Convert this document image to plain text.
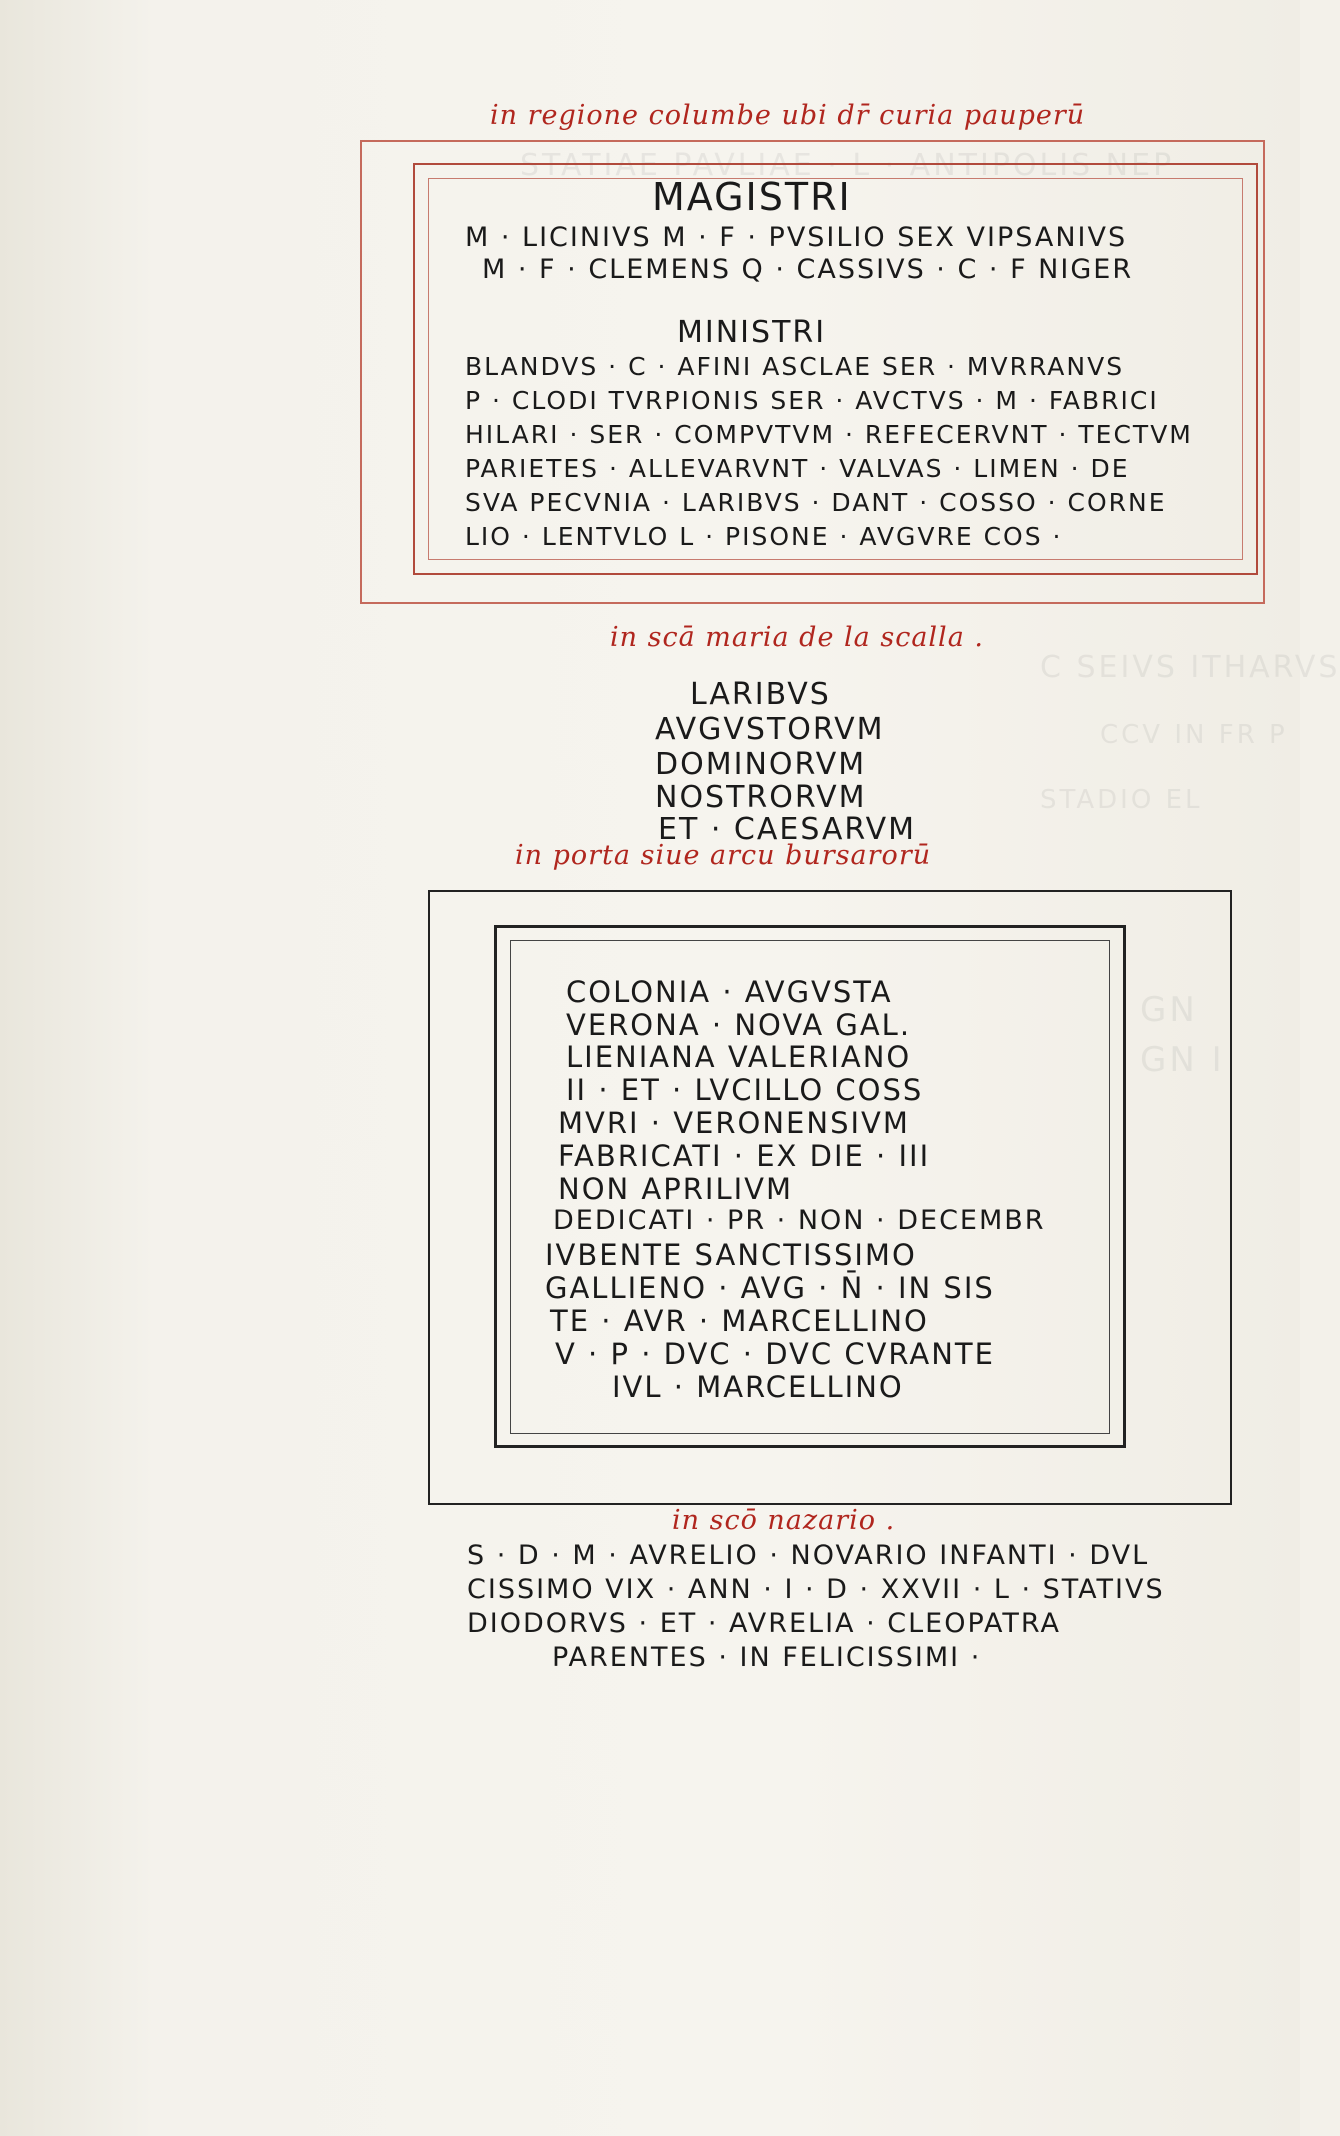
STATIAE PAVLIAE · L · ANTIPOLIS NEP
C SEIVS ITHARVS
CCV IN FR P
STADIO EL
GN
GN I
in regione columbe ubi dr̄ curia pauperū
MAGISTRI
M · LICINIVS M · F · PVSILIO SEX VIPSANIVS
M · F · CLEMENS Q · CASSIVS · C · F NIGER
MINISTRI
BLANDVS · C · AFINI ASCLAE SER · MVRRANVS
P · CLODI TVRPIONIS SER · AVCTVS · M · FABRICI
HILARI · SER · COMPVTVM · REFECERVNT · TECTVM
PARIETES · ALLEVARVNT · VALVAS · LIMEN · DE
SVA PECVNIA · LARIBVS · DANT · COSSO · CORNE
LIO · LENTVLO L · PISONE · AVGVRE COS ·
in scā maria de la scalla .
LARIBVS
AVGVSTORVM
DOMINORVM
NOSTRORVM
ET · CAESARVM
in porta siue arcu bursarorū
COLONIA · AVGVSTA
VERONA · NOVA GAL.
LIENIANA VALERIANO
II · ET · LVCILLO COSS
MVRI · VERONENSIVM
FABRICATI · EX DIE · III
NON APRILIVM
DEDICATI · PR · NON · DECEMBR
IVBENTE SANCTISSIMO
GALLIENO · AVG · N̄ · IN SIS
TE · AVR · MARCELLINO
V · P · DVC · DVC CVRANTE
IVL · MARCELLINO
in scō nazario .
S · D · M · AVRELIO · NOVARIO INFANTI · DVL
CISSIMO VIX · ANN · I · D · XXVII · L · STATIVS
DIODORVS · ET · AVRELIA · CLEOPATRA
PARENTES · IN FELICISSIMI ·
